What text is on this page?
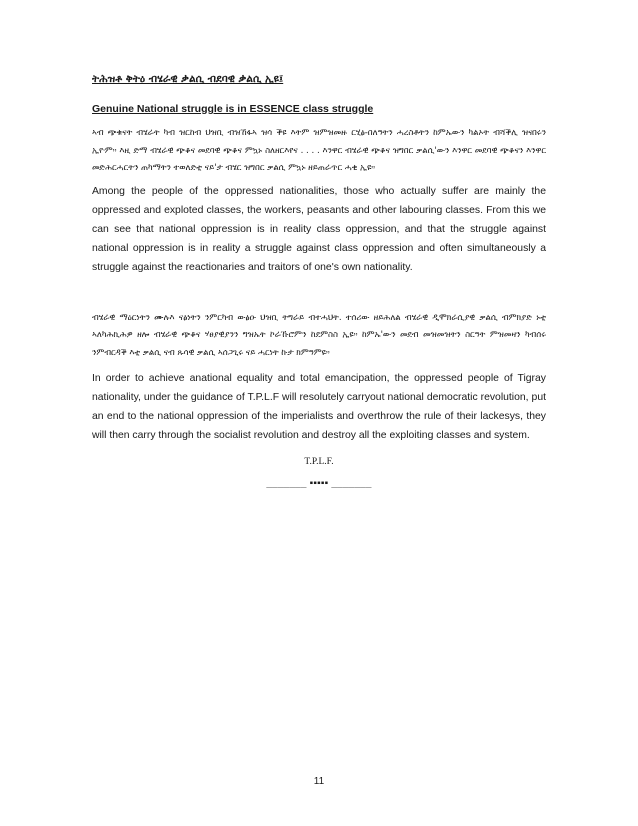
ትሕዝቶ ቅትዕ ብሄራዊ ቃልሲ ብደባዊ ቃልሲ ኢዩ፤

Genuine National struggle is in ESSENCE class struggle

ኣብ ጭቁናት ብሄራት ካብ ዝርከብ ህዝቢ ብዝኸፋኣ ዝሳ ቕዩ እትም ዝምዝመዙ ርሂፅ-በለዓትን ሓረስቶትን ከምኡውን ካልኦት ብሻቕሊ ዝናበሩን ኢዮም። እዚ ድማ ብሄራዊ ጭቆና መደባዊ ጭቆና ምኳኑ ስለዘርእየና . . . . እንዋር ብሄራዊ ጭቆና ዝግበር ቃልሲ'ውን እንዋር መደባዊ ጭቆናን እንዋር መድሕርሓርትን ጠካማትን ተወለድቲ ናይ'ታ ብሄር ዝግበር ቃልሲ ምኳኑ ዘይጠራጥር ሓቂ ኢዩ።

Among the people of the oppressed nationalities, those who actually suffer are mainly the oppressed and exploted classes, the workers, peasants and other labouring classes. From this we can see that national oppression is in reality class oppression, and that the struggle against national oppression is in reality a struggle against class oppression and often simultaneously a struggle against the reactionaries and traitors of one's own nationality.

ብሄራዊ ማዕርነትን ሙሉእ ናፅነትን ንምርካብ ውፅዑ ህዝቢ ትግራይ ብተሓህት. ተሰሪው ዘይሕለል ብሄራዊ ዲሞክራሲያዊ ቃልሲ ብምክያድ ኑቲ ኣለካሕኪሕዎ ዘሎ ብሄራዊ ጭቆና ሃፀያዊያንን ግዝኡት ኮራኹሮምን ከደምስስ ኢዩ። ከምኡ'ውን መደብ መዝመዝትን ስርዓት ምዝመዛን ካብሰሩ ንምብርዳቕ እቲ ቃልሲ ናብ ጹሳዊ ቃልሲ ኣሰጋጊሩ ናይ ሓርነት ኩታ ክምዓምዩ።

In order to achieve anational equality and total emancipation, the oppressed people of Tigray nationality, under the guidance of T.P.L.F will resolutely carryout national democratic revolution, put an end to the national oppression of the imperialists and overthrow the rule of their lackesys, they will then carry through the socialist revolution and destroy all the exploiting classes and system.

T.P.L.F.
_______ ▪▪▪▪▪ _______
11
